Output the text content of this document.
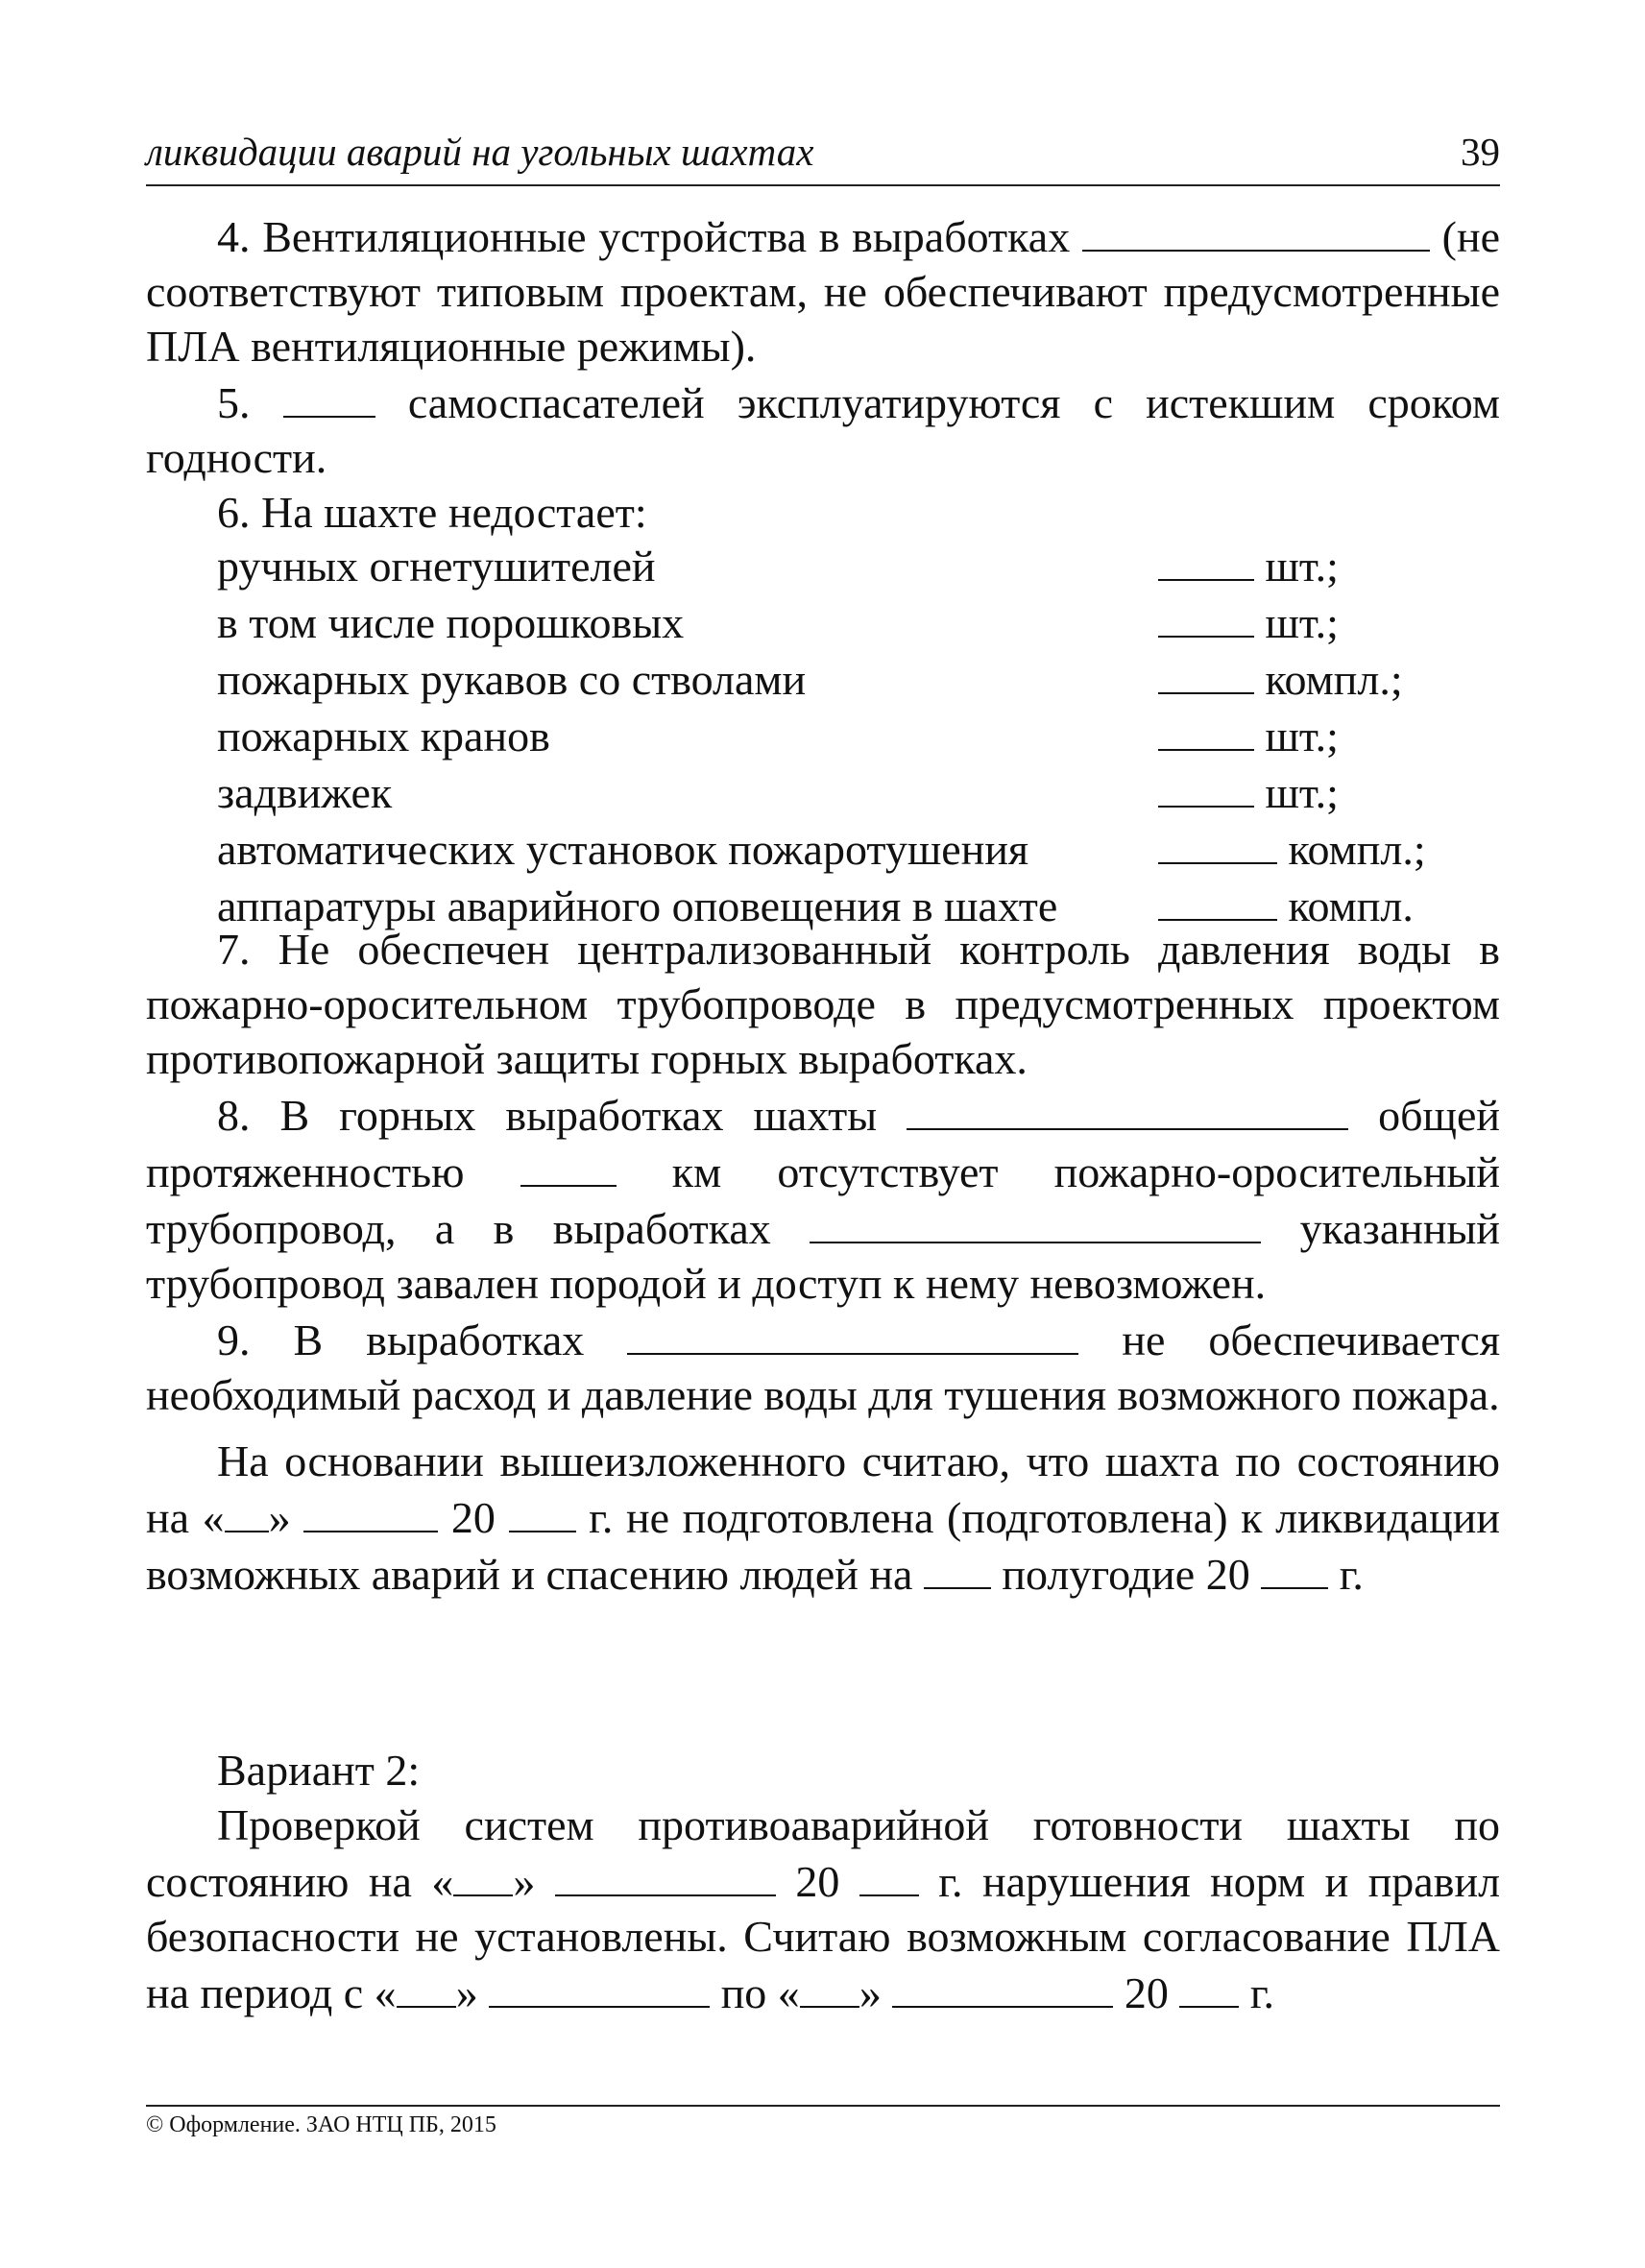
ликвидации аварий на угольных шахтах	39

4. Вентиляционные устройства в выработках	(не соответствуют типовым проектам, не обеспечивают предусмотренные ПЛА вентиляционные режимы).

5.	самоспасателей эксплуатируются с истекшим сроком годности.

6. На шахте недостает:

ручных огнетушителей	шт.;
в том числе порошковых	шт.;
пожарных рукавов со стволами	компл.;
пожарных кранов	шт.;
задвижек	шт.;
автоматических установок пожаротушения	компл.;
аппаратуры аварийного оповещения в шахте	компл.

7. Не обеспечен централизованный контроль давления воды в пожарно-оросительном трубопроводе в предусмотренных проектом противопожарной защиты горных выработках.

8. В горных выработках шахты	общей протяженностью	км отсутствует пожарно-оросительный трубопровод, а в выработках	указанный трубопровод завален породой и доступ к нему невозможен.

9. В выработках	не обеспечивается необходимый расход и давление воды для тушения возможного пожара.

На основании вышеизложенного считаю, что шахта по состоянию на « »	20 г. не подготовлена (подготовлена) к ликвидации возможных аварий и спасению людей на полугодие 20 г.

Вариант 2:

Проверкой систем противоаварийной готовности шахты по состоянию на « »	20 г. нарушения норм и правил безопасности не установлены. Считаю возможным согласование ПЛА на период с « »	по « »	20 г.

© Оформление. ЗАО НТЦ ПБ, 2015
